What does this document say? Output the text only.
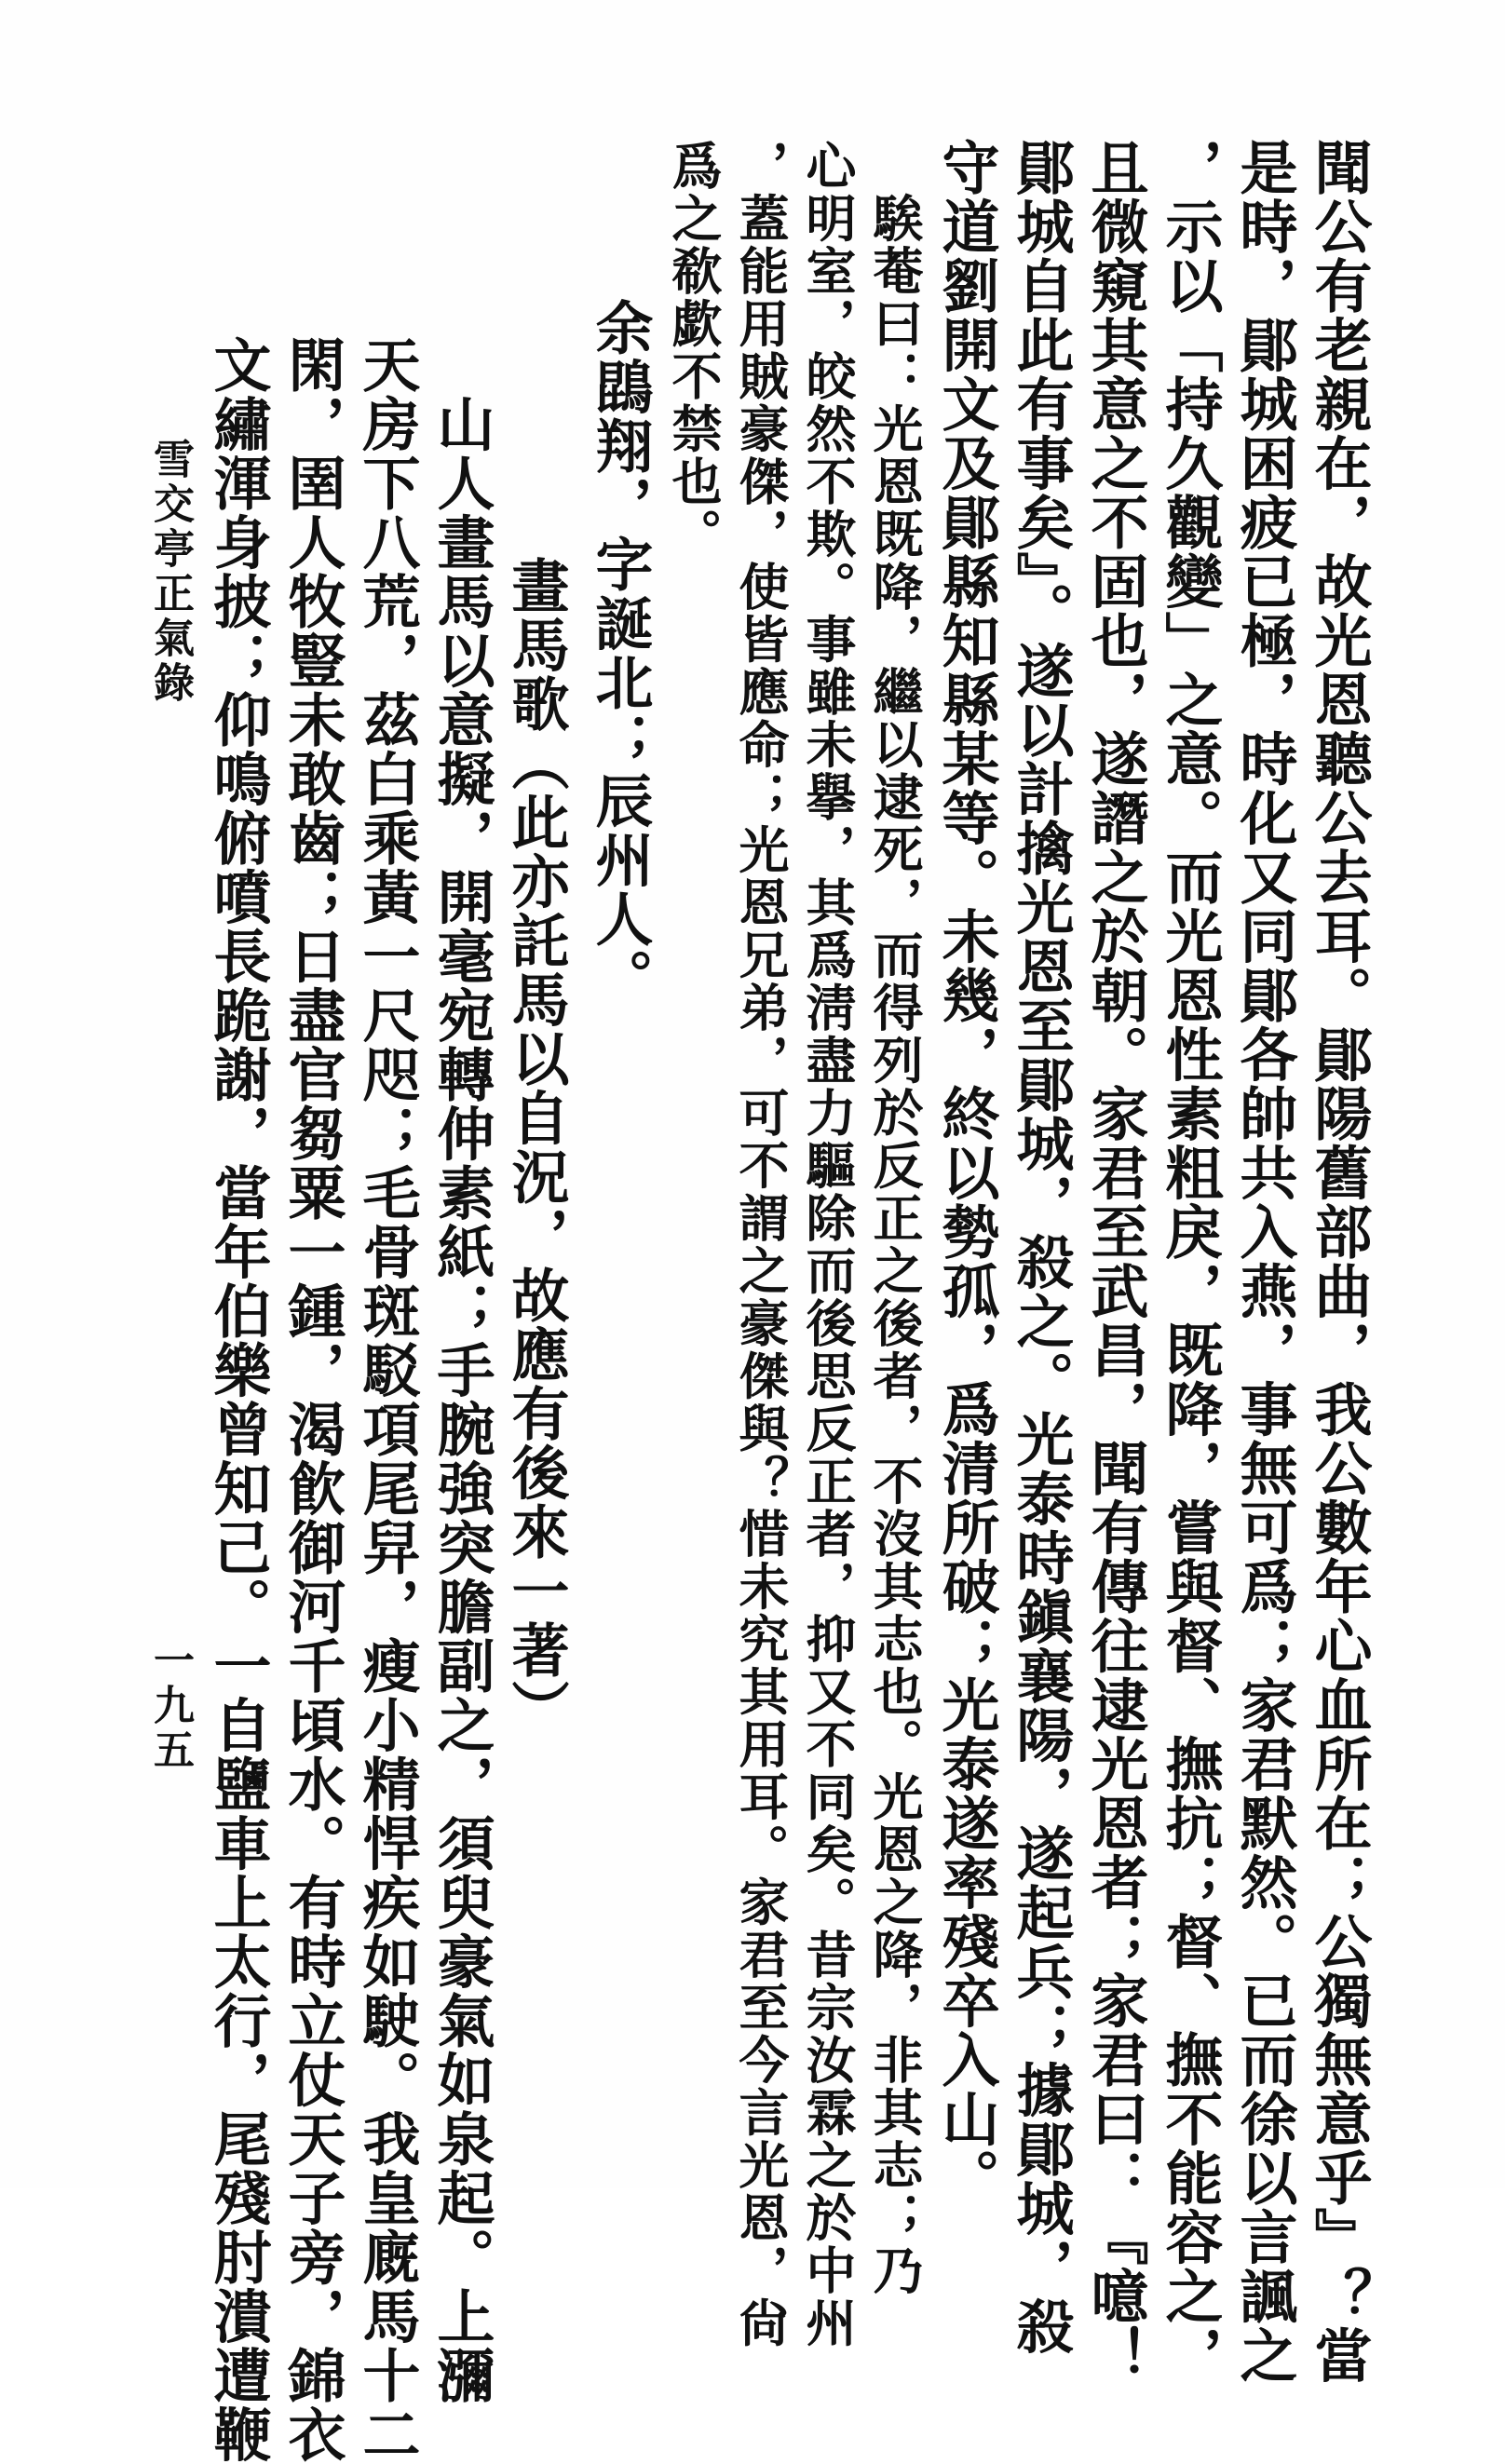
聞公有老親在，故光恩聽公去耳。鄖陽舊部曲，我公數年心血所在；公獨無意乎』？當
是時，鄖城困疲已極，時化又同鄖各帥共入燕，事無可爲；家君默然。已而徐以言諷之
，示以「持久觀變」之意。而光恩性素粗戾，既降，嘗與督、撫抗；督、撫不能容之，
且微窺其意之不固也，遂譖之於朝。家君至武昌，聞有傳往逮光恩者；家君曰：『噫！
鄖城自此有事矣』。遂以計擒光恩至鄖城，殺之。光泰時鎭襄陽，遂起兵；據鄖城，殺
守道劉開文及鄖縣知縣某等。未幾，終以勢孤，爲清所破；光泰遂率殘卒入山。
　騃菴曰：光恩既降，繼以逮死，而得列於反正之後者，不沒其志也。光恩之降，非其志；乃
心明室，皎然不欺。事雖未擧，其爲淸盡力驅除而後思反正者，抑又不同矣。昔宗汝霖之於中州
，蓋能用賊豪傑，使皆應命；光恩兄弟，可不謂之豪傑與？惜未究其用耳。家君至今言光恩，尙
爲之欷歔不禁也。
余鵾翔，字誕北；辰州人。
　　畫馬歌（此亦託馬以自況，故應有後來一著）
　山人畫馬以意擬，開毫宛轉伸素紙；手腕強突膽副之，須臾豪氣如泉起。上瀰
天房下八荒，茲白乘黃一尺咫；毛骨斑駁項尾舁，瘦小精悍疾如駛。我皇廐馬十二
閑，圉人牧豎未敢齒；日盡官芻粟一鍾，渴飮御河千頃水。有時立仗天子旁，錦衣
文繡渾身披；仰鳴俯噴長跪謝，當年伯樂曾知己。一自鹽車上太行，尾殘肘潰遭鞭
雪交亭正氣錄
一九五
